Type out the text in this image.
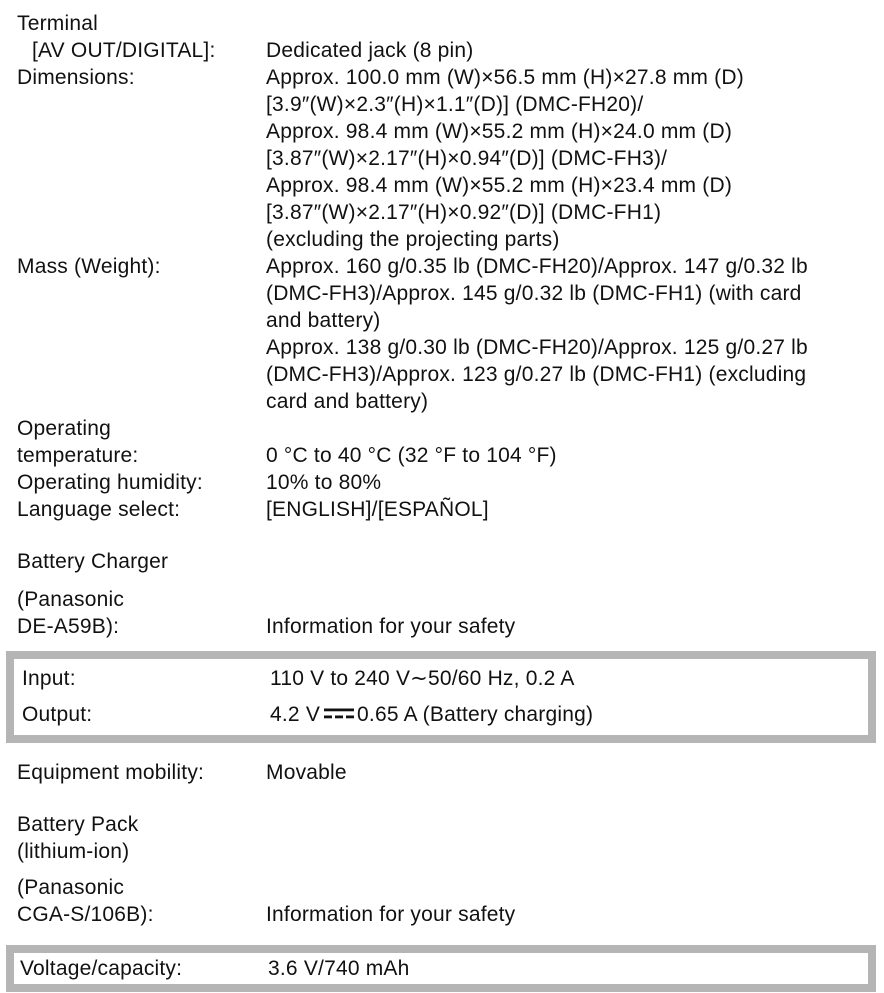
Terminal
[AV OUT/DIGITAL]:	Dedicated jack (8 pin)
Dimensions:	Approx. 100.0 mm (W)×56.5 mm (H)×27.8 mm (D)
[3.9″(W)×2.3″(H)×1.1″(D)] (DMC-FH20)/
Approx. 98.4 mm (W)×55.2 mm (H)×24.0 mm (D)
[3.87″(W)×2.17″(H)×0.94″(D)] (DMC-FH3)/
Approx. 98.4 mm (W)×55.2 mm (H)×23.4 mm (D)
[3.87″(W)×2.17″(H)×0.92″(D)] (DMC-FH1)
(excluding the projecting parts)
Mass (Weight):	Approx. 160 g/0.35 lb (DMC-FH20)/Approx. 147 g/0.32 lb
(DMC-FH3)/Approx. 145 g/0.32 lb (DMC-FH1) (with card
and battery)
Approx. 138 g/0.30 lb (DMC-FH20)/Approx. 125 g/0.27 lb
(DMC-FH3)/Approx. 123 g/0.27 lb (DMC-FH1) (excluding
card and battery)
Operating
temperature:	0 °C to 40 °C (32 °F to 104 °F)
Operating humidity:	10% to 80%
Language select:	[ENGLISH]/[ESPAÑOL]
Battery Charger
(Panasonic
DE-A59B):	Information for your safety
Input:	110 V to 240 V∼50/60 Hz, 0.2 A
Output:	4.2 V 0.65 A (Battery charging)
Equipment mobility:	Movable
Battery Pack
(lithium-ion)
(Panasonic
CGA-S/106B):	Information for your safety
Voltage/capacity:	3.6 V/740 mAh
